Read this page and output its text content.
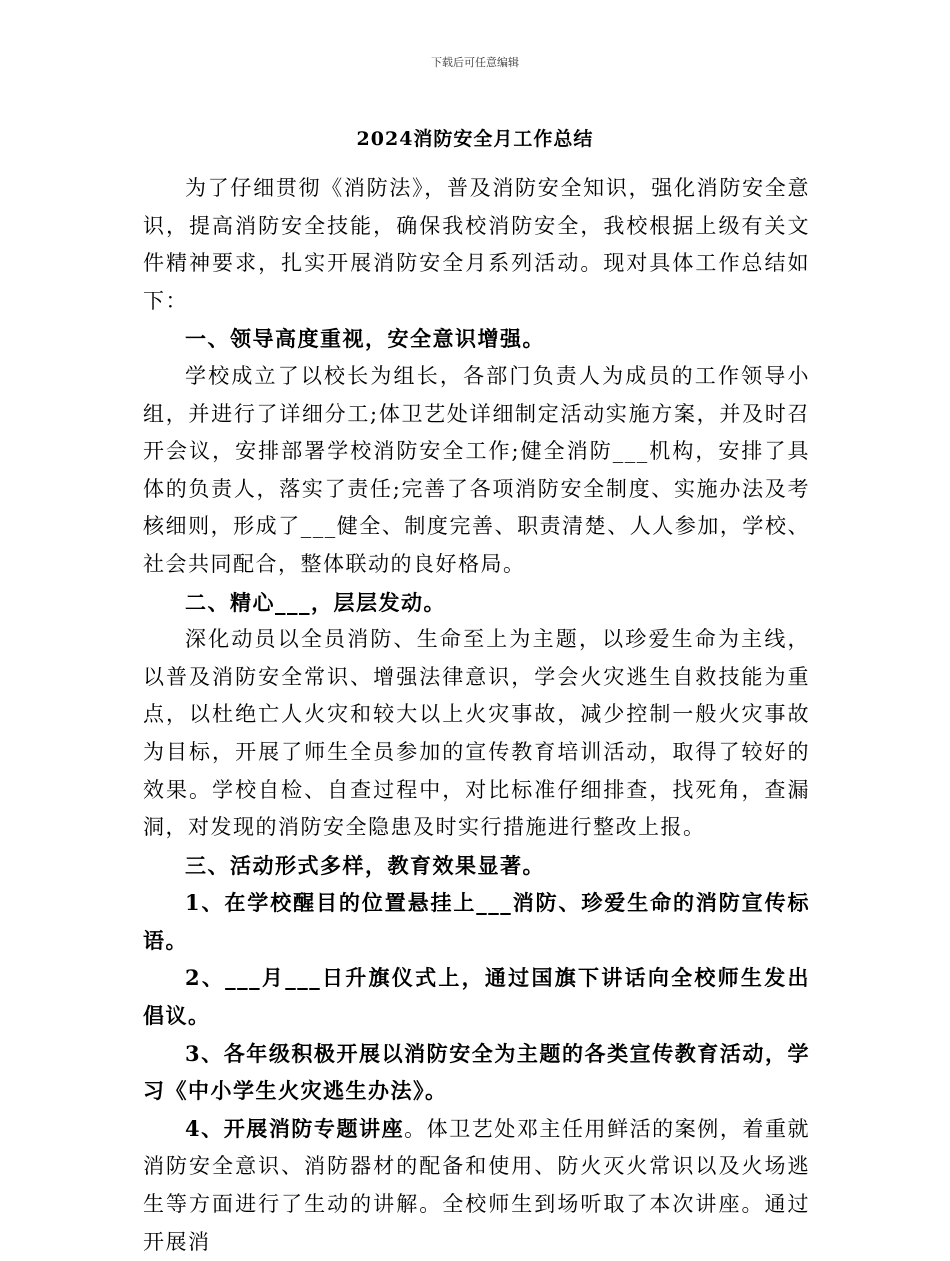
下载后可任意编辑
2024消防安全月工作总结

为了仔细贯彻《消防法》，普及消防安全知识，强化消防安全意识，提高消防安全技能，确保我校消防安全，我校根据上级有关文件精神要求，扎实开展消防安全月系列活动。现对具体工作总结如下：

一、领导高度重视，安全意识增强。

学校成立了以校长为组长，各部门负责人为成员的工作领导小组，并进行了详细分工;体卫艺处详细制定活动实施方案，并及时召开会议，安排部署学校消防安全工作;健全消防___机构，安排了具体的负责人，落实了责任;完善了各项消防安全制度、实施办法及考核细则，形成了___健全、制度完善、职责清楚、人人参加，学校、社会共同配合，整体联动的良好格局。

二、精心___，层层发动。

深化动员以全员消防、生命至上为主题，以珍爱生命为主线，以普及消防安全常识、增强法律意识，学会火灾逃生自救技能为重点，以杜绝亡人火灾和较大以上火灾事故，减少控制一般火灾事故为目标，开展了师生全员参加的宣传教育培训活动，取得了较好的效果。学校自检、自查过程中，对比标准仔细排查，找死角，查漏洞，对发现的消防安全隐患及时实行措施进行整改上报。

三、活动形式多样，教育效果显著。

1、在学校醒目的位置悬挂上___消防、珍爱生命的消防宣传标语。

2、___月___日升旗仪式上，通过国旗下讲话向全校师生发出倡议。

3、各年级积极开展以消防安全为主题的各类宣传教育活动，学习《中小学生火灾逃生办法》。

4、开展消防专题讲座。体卫艺处邓主任用鲜活的案例，着重就消防安全意识、消防器材的配备和使用、防火灭火常识以及火场逃生等方面进行了生动的讲解。全校师生到场听取了本次讲座。通过开展消
